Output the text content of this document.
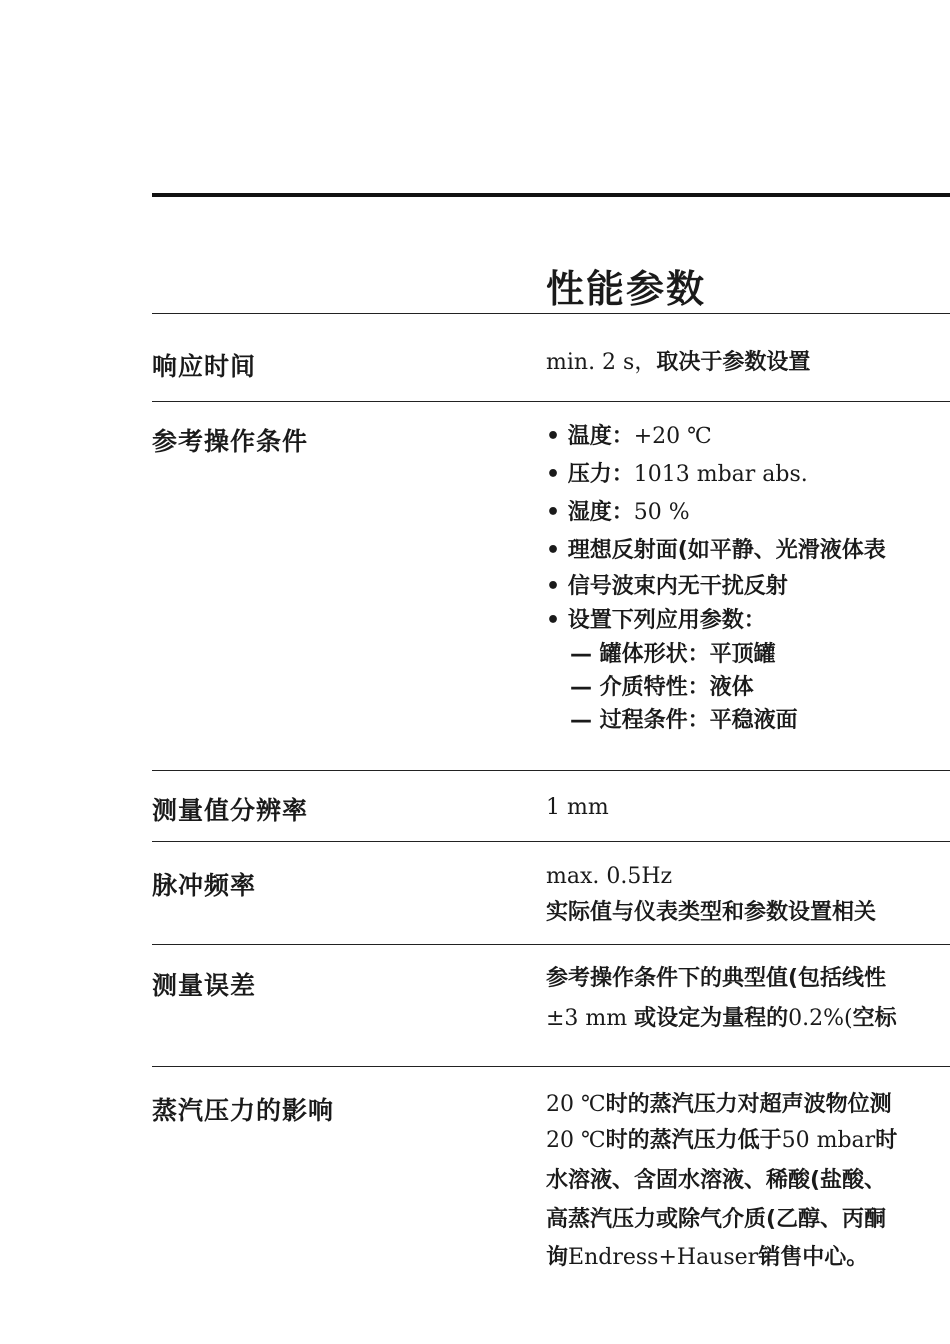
性能参数
响应时间	min. 2 s，取决于参数设置
参考操作条件	• 温度：+20 ℃
• 压力：1013 mbar abs.
• 湿度：50 %
• 理想反射面(如平静、光滑液体表
• 信号波束内无干扰反射
• 设置下列应用参数：
— 罐体形状：平顶罐
— 介质特性：液体
— 过程条件：平稳液面
测量值分辨率	1 mm
脉冲频率	max. 0.5Hz
实际值与仪表类型和参数设置相关
测量误差	参考操作条件下的典型值(包括线性
±3 mm 或设定为量程的0.2%(空标
蒸汽压力的影响	20 ℃时的蒸汽压力对超声波物位测
20 ℃时的蒸汽压力低于50 mbar时
水溶液、含固水溶液、稀酸(盐酸、
高蒸汽压力或除气介质(乙醇、丙酮
询Endress+Hauser销售中心。
